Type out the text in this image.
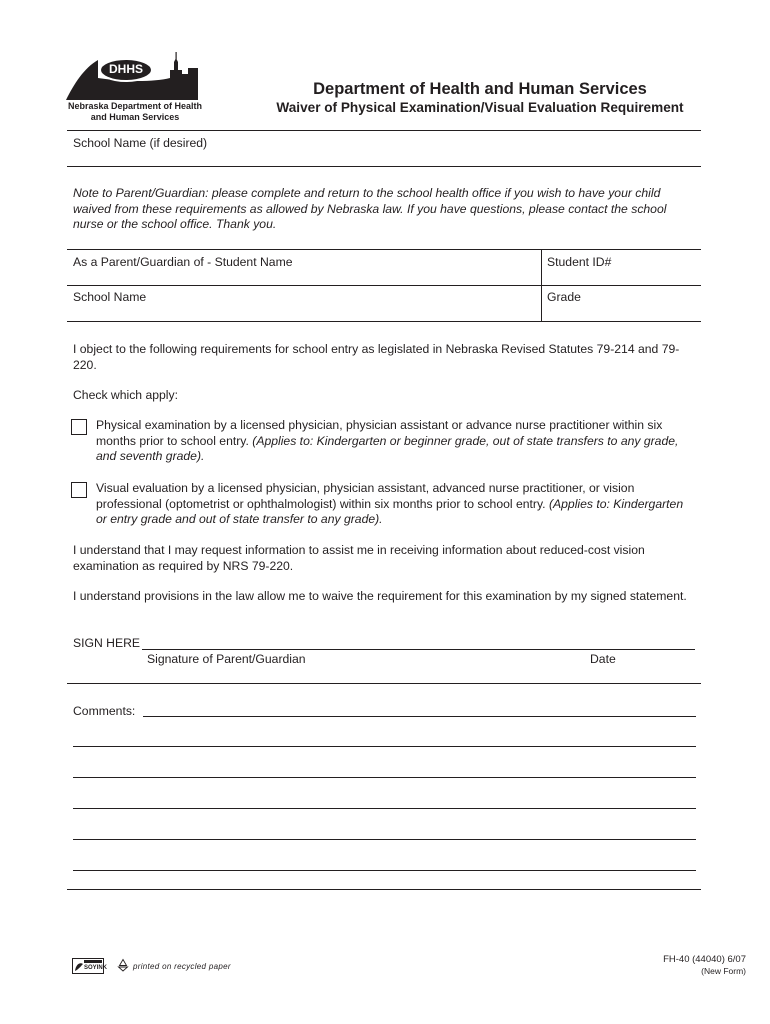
DHHS
Nebraska Department of Health
and Human Services
Department of Health and Human Services
Waiver of Physical Examination/Visual Evaluation Requirement
School Name (if desired)
Note to Parent/Guardian: please complete and return to the school health office if you wish to have your child waived from these requirements as allowed by Nebraska law. If you have questions, please contact the school nurse or the school office. Thank you.
As a Parent/Guardian of - Student Name	Student ID#
School Name	Grade
I object to the following requirements for school entry as legislated in Nebraska Revised Statutes 79-214 and 79-220.
Check which apply:
Physical examination by a licensed physician, physician assistant or advance nurse practitioner within six months prior to school entry. (Applies to: Kindergarten or beginner grade, out of state transfers to any grade, and seventh grade).
Visual evaluation by a licensed physician, physician assistant, advanced nurse practitioner, or vision professional (optometrist or ophthalmologist) within six months prior to school entry. (Applies to: Kindergarten or entry grade and out of state transfer to any grade).
I understand that I may request information to assist me in receiving information about reduced-cost vision examination as required by NRS 79-220.
I understand provisions in the law allow me to waive the requirement for this examination by my signed statement.
SIGN HERE
Signature of Parent/Guardian	Date
Comments:
SOYINK	printed on recycled paper
FH-40 (44040) 6/07
(New Form)
